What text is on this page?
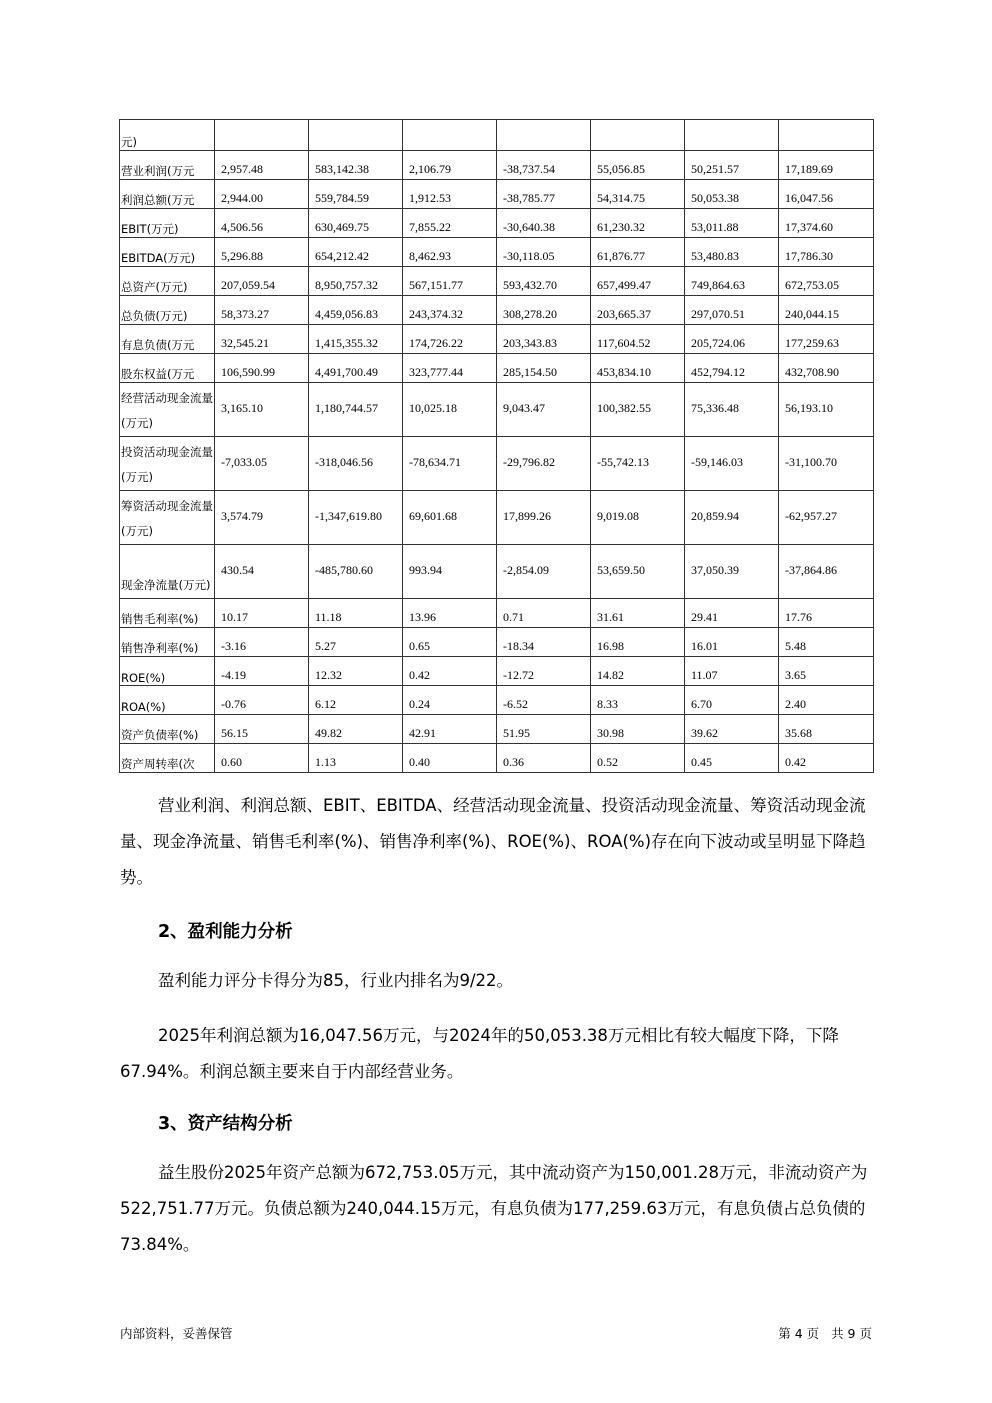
元)							
营业利润(万元	2,957.48	583,142.38	2,106.79	-38,737.54	55,056.85	50,251.57	17,189.69
利润总额(万元	2,944.00	559,784.59	1,912.53	-38,785.77	54,314.75	50,053.38	16,047.56
EBIT(万元)	4,506.56	630,469.75	7,855.22	-30,640.38	61,230.32	53,011.88	17,374.60
EBITDA(万元)	5,296.88	654,212.42	8,462.93	-30,118.05	61,876.77	53,480.83	17,786.30
总资产(万元)	207,059.54	8,950,757.32	567,151.77	593,432.70	657,499.47	749,864.63	672,753.05
总负债(万元)	58,373.27	4,459,056.83	243,374.32	308,278.20	203,665.37	297,070.51	240,044.15
有息负债(万元	32,545.21	1,415,355.32	174,726.22	203,343.83	117,604.52	205,724.06	177,259.63
股东权益(万元	106,590.99	4,491,700.49	323,777.44	285,154.50	453,834.10	452,794.12	432,708.90
经营活动现金流量(万元)	3,165.10	1,180,744.57	10,025.18	9,043.47	100,382.55	75,336.48	56,193.10
投资活动现金流量(万元)	-7,033.05	-318,046.56	-78,634.71	-29,796.82	-55,742.13	-59,146.03	-31,100.70
筹资活动现金流量(万元)	3,574.79	-1,347,619.80	69,601.68	17,899.26	9,019.08	20,859.94	-62,957.27
现金净流量(万元)	430.54	-485,780.60	993.94	-2,854.09	53,659.50	37,050.39	-37,864.86
销售毛利率(%)	10.17	11.18	13.96	0.71	31.61	29.41	17.76
销售净利率(%)	-3.16	5.27	0.65	-18.34	16.98	16.01	5.48
ROE(%)	-4.19	12.32	0.42	-12.72	14.82	11.07	3.65
ROA(%)	-0.76	6.12	0.24	-6.52	8.33	6.70	2.40
资产负债率(%)	56.15	49.82	42.91	51.95	30.98	39.62	35.68
资产周转率(次	0.60	1.13	0.40	0.36	0.52	0.45	0.42
营业利润、利润总额、EBIT、EBITDA、经营活动现金流量、投资活动现金流量、筹资活动现金流量、现金净流量、销售毛利率(%)、销售净利率(%)、ROE(%)、ROA(%)存在向下波动或呈明显下降趋势。
2、盈利能力分析
盈利能力评分卡得分为85，行业内排名为9/22。
2025年利润总额为16,047.56万元，与2024年的50,053.38万元相比有较大幅度下降，下降67.94%。利润总额主要来自于内部经营业务。
3、资产结构分析
益生股份2025年资产总额为672,753.05万元，其中流动资产为150,001.28万元，非流动资产为522,751.77万元。负债总额为240,044.15万元，有息负债为177,259.63万元，有息负债占总负债的73.84%。
内部资料，妥善保管	第 4 页   共 9 页
